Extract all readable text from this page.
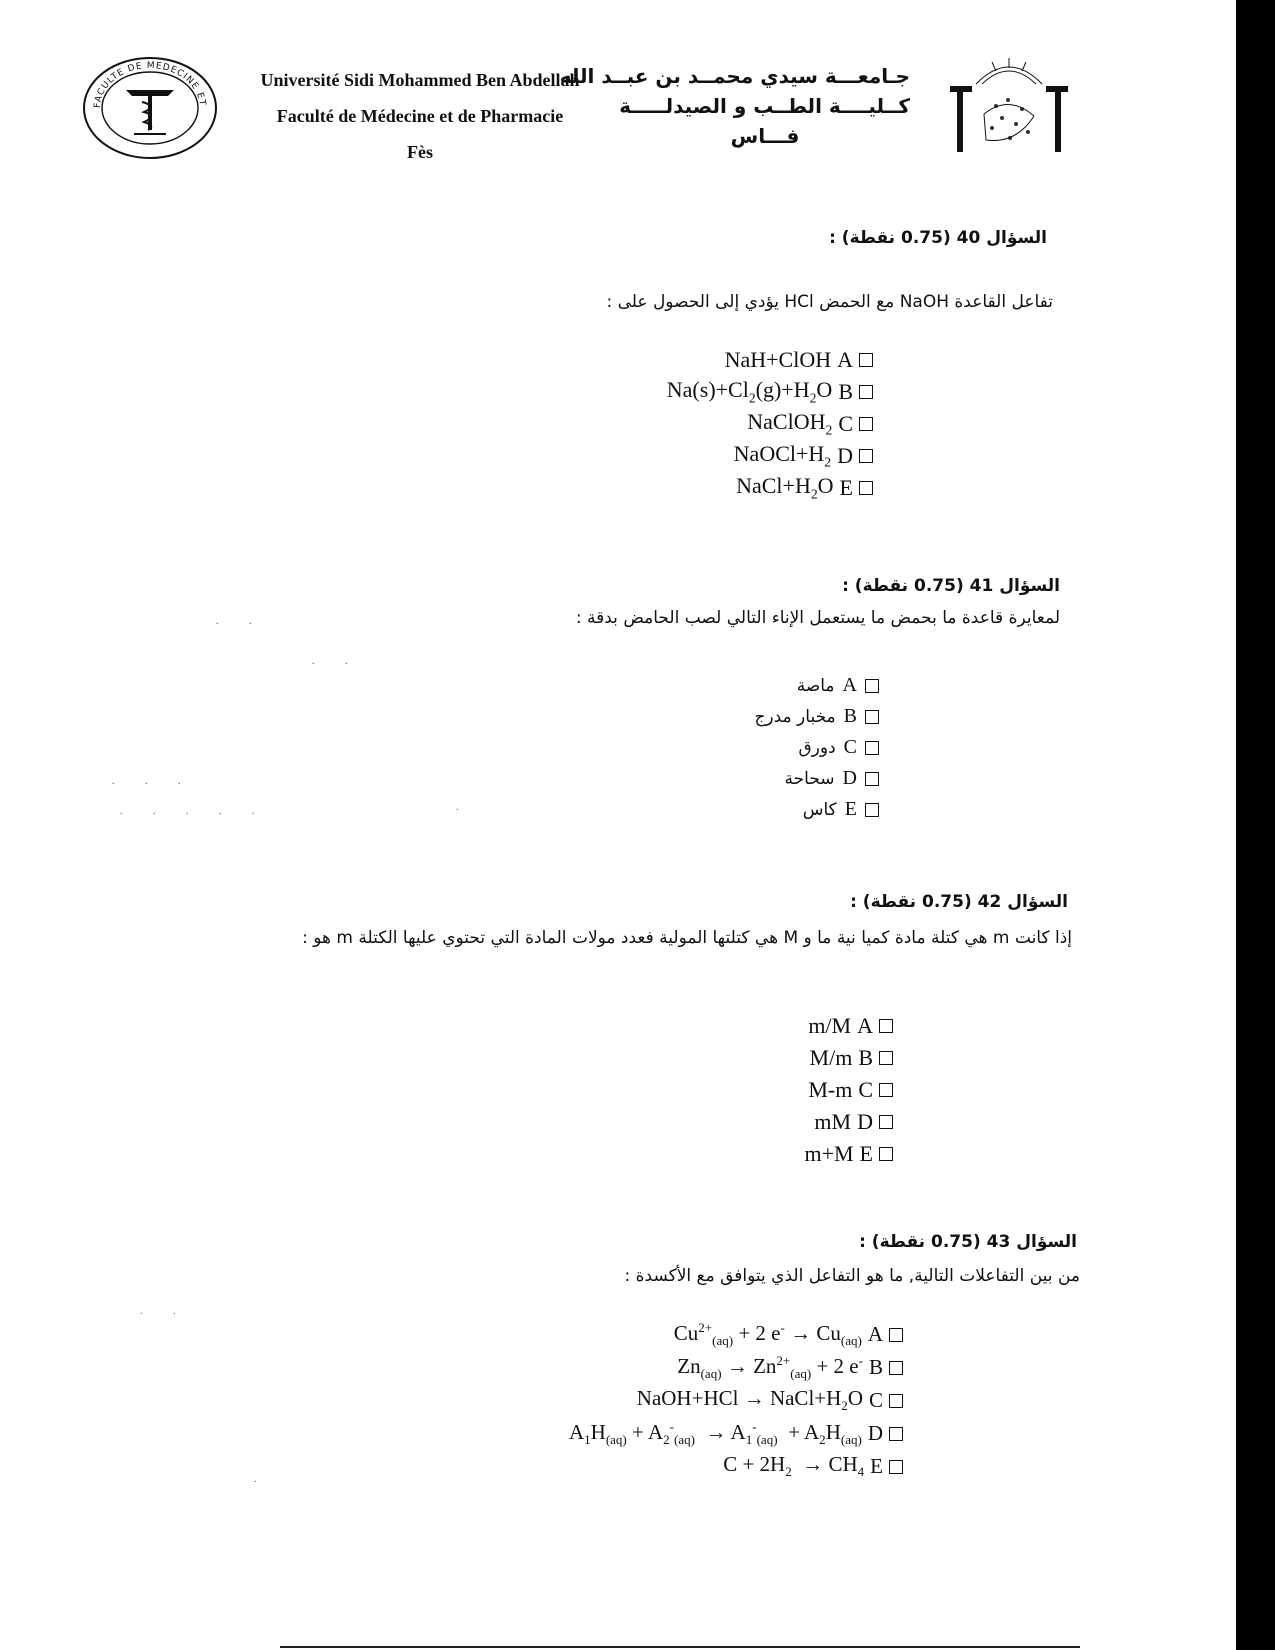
FACULTE DE MEDECINE ET
Université Sidi Mohammed Ben Abdellah
Faculté de Médecine et de Pharmacie
Fès
جـامعـــة سيدي محمــد بن عبــد الله
كــليــــة الطــب و الصيدلـــــة
فـــاس
السؤال 40 (0.75 نقطة) :
تفاعل القاعدة NaOH مع الحمض HCl يؤدي إلى الحصول على :
NaH+ClOH A
$Na(s)+Cl_2(g)+H_2O$ B
NaClOH$_2$ C
$NaOCl+H_2$ D
$NaCl+H_2O$ E
السؤال 41 (0.75 نقطة) :
لمعايرة قاعدة ما بحمض ما يستعمل الإناء التالي لصب الحامض بدقة :
ماصة A
مخبار مدرج B
دورق C
سحاحة D
كاس E
السؤال 42 (0.75 نقطة) :
إذا كانت m هي كتلة مادة كميا نية ما و M هي كتلتها المولية فعدد مولات المادة التي تحتوي عليها الكتلة m هو :
m/M A
M/m B
M-m C
mM D
m+M E
السؤال 43 (0.75 نقطة) :
من بين التفاعلات التالية, ما هو التفاعل الذي يتوافق مع الأكسدة :
$Cu^{2+}_{(aq)} + 2$ $e^- \to Cu_{(aq)}$ A
$Zn_{(aq)} \to Zn^{2+}_{(aq)} + 2$ e- B
NaOH+HCl → $NaCl+H_2O$ C
$A_1H_{(aq)} + A_2^-_{(aq)} \to A_1^-_{(aq)} + A_2H_{(aq)}$ D
$C + 2H_2 \to CH_4$ E
. .
. .
. . .
. . . . .	.
. .
.
